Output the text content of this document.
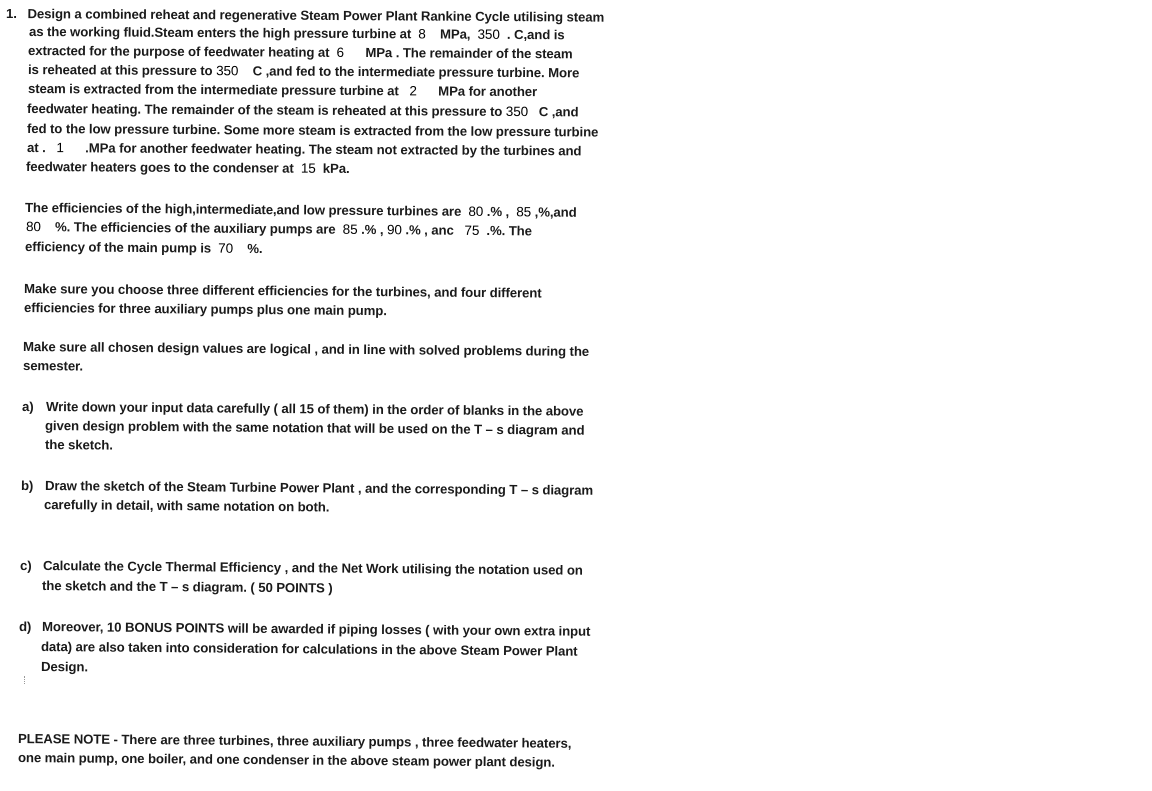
1. Design a combined reheat and regenerative Steam Power Plant Rankine Cycle utilising steam
as the working fluid.Steam enters the high pressure turbine at 8 MPa, 350 . C,and is
extracted for the purpose of feedwater heating at 6 MPa . The remainder of the steam
is reheated at this pressure to 350 C ,and fed to the intermediate pressure turbine. More
steam is extracted from the intermediate pressure turbine at 2 MPa for another
feedwater heating. The remainder of the steam is reheated at this pressure to 350 C ,and
fed to the low pressure turbine. Some more steam is extracted from the low pressure turbine
at . 1 .MPa for another feedwater heating. The steam not extracted by the turbines and
feedwater heaters goes to the condenser at 15 kPa.
The efficiencies of the high,intermediate,and low pressure turbines are 80 .% , 85 ,%,and
80 %. The efficiencies of the auxiliary pumps are 85 .% , 90 .% , anc 75 .%. The
efficiency of the main pump is 70 %.
Make sure you choose three different efficiencies for the turbines, and four different
efficiencies for three auxiliary pumps plus one main pump.
Make sure all chosen design values are logical , and in line with solved problems during the
semester.
a) Write down your input data carefully ( all 15 of them) in the order of blanks in the above
given design problem with the same notation that will be used on the T – s diagram and
the sketch.
b) Draw the sketch of the Steam Turbine Power Plant , and the corresponding T – s diagram
carefully in detail, with same notation on both.
c) Calculate the Cycle Thermal Efficiency , and the Net Work utilising the notation used on
the sketch and the T – s diagram. ( 50 POINTS )
d) Moreover, 10 BONUS POINTS will be awarded if piping losses ( with your own extra input
data) are also taken into consideration for calculations in the above Steam Power Plant
Design.
PLEASE NOTE - There are three turbines, three auxiliary pumps , three feedwater heaters,
one main pump, one boiler, and one condenser in the above steam power plant design.
